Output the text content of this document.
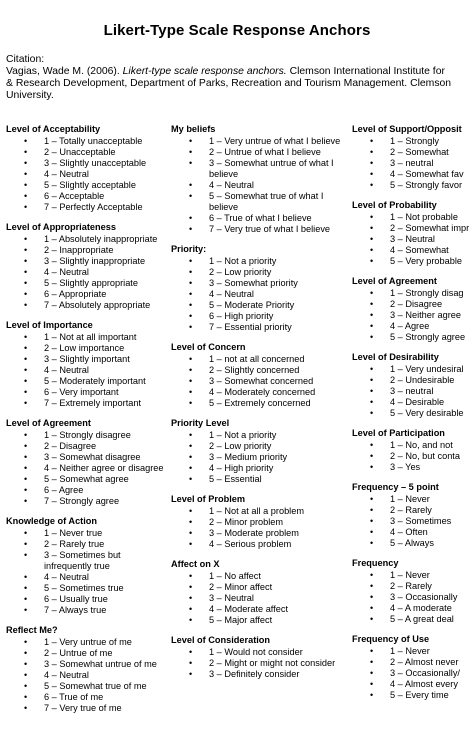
Likert-Type Scale Response Anchors

Citation:

Vagias, Wade M. (2006). Likert-type scale response anchors. Clemson International Institute for

& Research Development, Department of Parks, Recreation and Tourism Management. Clemson

University.

Level of Acceptability
• 1 – Totally unacceptable
• 2 – Unacceptable
• 3 – Slightly unacceptable
• 4 – Neutral
• 5 – Slightly acceptable
• 6 – Acceptable
• 7 – Perfectly Acceptable
Level of Appropriateness
• 1 – Absolutely inappropriate
• 2 – Inappropriate
• 3 – Slightly inappropriate
• 4 – Neutral
• 5 – Slightly appropriate
• 6 – Appropriate
• 7 – Absolutely appropriate
Level of Importance
• 1 – Not at all important
• 2 – Low importance
• 3 – Slightly important
• 4 – Neutral
• 5 – Moderately important
• 6 – Very important
• 7 – Extremely important
Level of Agreement
• 1 – Strongly disagree
• 2 – Disagree
• 3 – Somewhat disagree
• 4 – Neither agree or disagree
• 5 – Somewhat agree
• 6 – Agree
• 7 – Strongly agree
Knowledge of Action
• 1 – Never true
• 2 – Rarely true
• 3 – Sometimes but infrequently true
• 4 – Neutral
• 5 – Sometimes true
• 6 – Usually true
• 7 – Always true
Reflect Me?
• 1 – Very untrue of me
• 2 – Untrue of me
• 3 – Somewhat untrue of me
• 4 – Neutral
• 5 – Somewhat true of me
• 6 – True of me
• 7 – Very true of me
My beliefs
• 1 – Very untrue of what I believe
• 2 – Untrue of what I believe
• 3 – Somewhat untrue of what I believe
• 4 – Neutral
• 5 – Somewhat true of what I believe
• 6 – True of what I believe
• 7 – Very true of what I believe
Priority:
• 1 – Not a priority
• 2 – Low priority
• 3 – Somewhat priority
• 4 – Neutral
• 5 – Moderate Priority
• 6 – High priority
• 7 – Essential priority
Level of Concern
• 1 – not at all concerned
• 2 – Slightly concerned
• 3 – Somewhat concerned
• 4 – Moderately concerned
• 5 – Extremely concerned
Priority Level
• 1 – Not a priority
• 2 – Low priority
• 3 – Medium priority
• 4 – High priority
• 5 – Essential
Level of Problem
• 1 – Not at all a problem
• 2 – Minor problem
• 3 – Moderate problem
• 4 – Serious problem
Affect on X
• 1 – No affect
• 2 – Minor affect
• 3 – Neutral
• 4 – Moderate affect
• 5 – Major affect
Level of Consideration
• 1 – Would not consider
• 2 – Might or might not consider
• 3 – Definitely consider
Level of Support/Opposit
• 1 – Strongly
• 2 – Somewhat
• 3 – neutral
• 4 – Somewhat fav
• 5 – Strongly favor
Level of Probability
• 1 – Not probable
• 2 – Somewhat impr
• 3 – Neutral
• 4 – Somewhat
• 5 – Very probable
Level of Agreement
• 1 – Strongly disag
• 2 – Disagree
• 3 – Neither agree
• 4 – Agree
• 5 – Strongly agree
Level of Desirability
• 1 – Very undesiral
• 2 – Undesirable
• 3 – neutral
• 4 – Desirable
• 5 – Very desirable
Level of Participation
• 1 – No, and not
• 2 – No, but conta
• 3 – Yes
Frequency – 5 point
• 1 – Never
• 2 – Rarely
• 3 – Sometimes
• 4 – Often
• 5 – Always
Frequency
• 1 – Never
• 2 – Rarely
• 3 – Occasionally
• 4 – A moderate
• 5 – A great deal
Frequency of Use
• 1 – Never
• 2 – Almost never
• 3 – Occasionally/
• 4 – Almost every
• 5 – Every time
